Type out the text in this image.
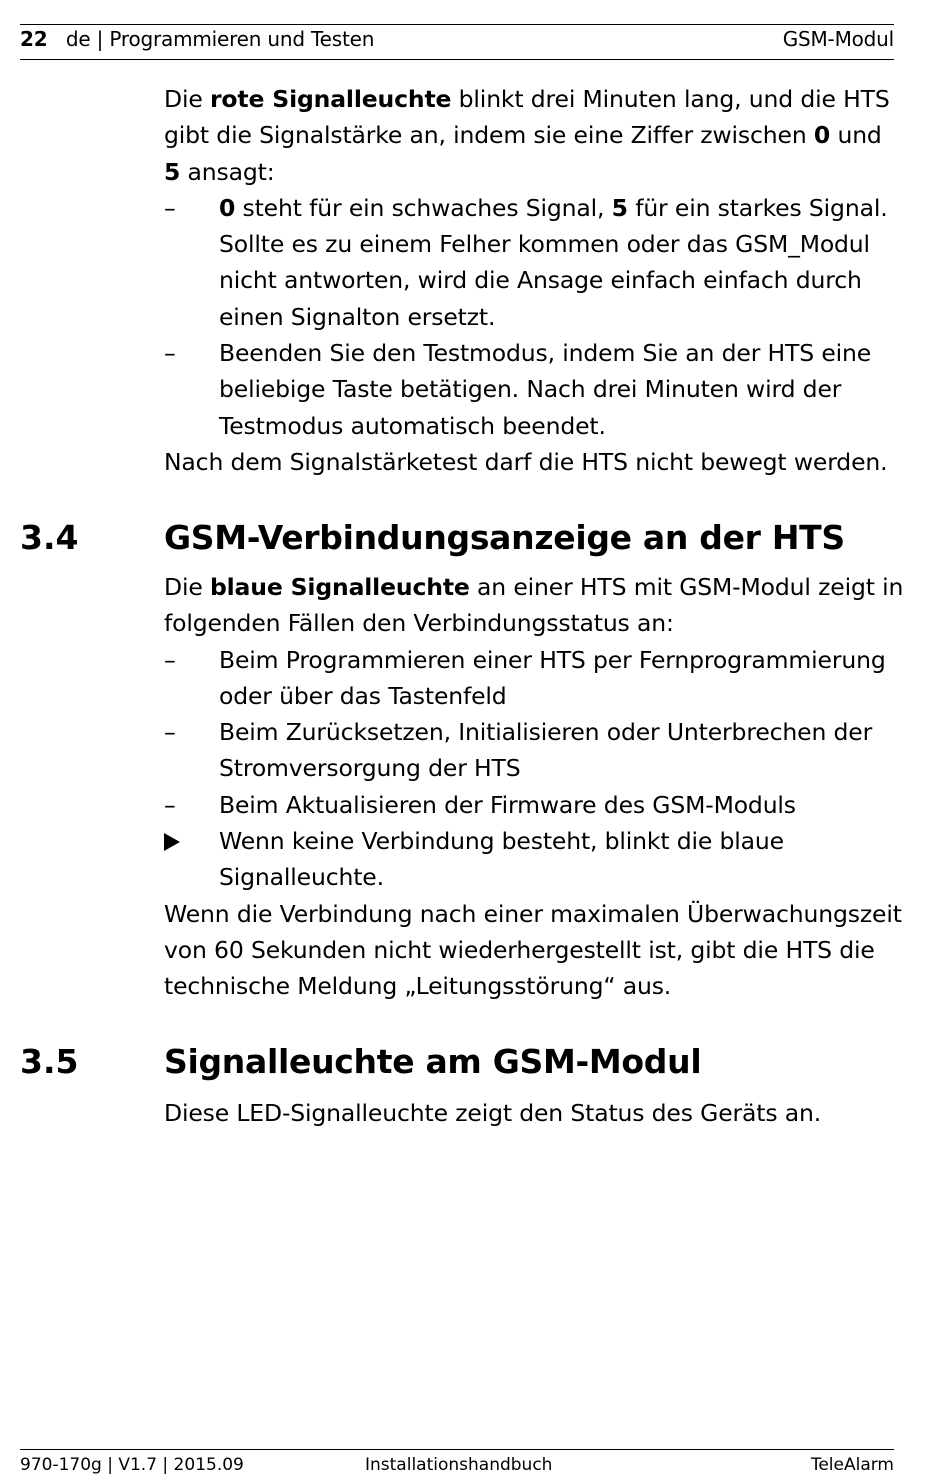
22 de | Programmieren und Testen	GSM-Modul

Die rote Signalleuchte blinkt drei Minuten lang, und die HTS gibt die Signalstärke an, indem sie eine Ziffer zwischen 0 und 5 ansagt:

– 0 steht für ein schwaches Signal, 5 für ein starkes Signal. Sollte es zu einem Felher kommen oder das GSM_Modul nicht antworten, wird die Ansage einfach einfach durch einen Signalton ersetzt.
– Beenden Sie den Testmodus, indem Sie an der HTS eine beliebige Taste betätigen. Nach drei Minuten wird der Testmodus automatisch beendet.

Nach dem Signalstärketest darf die HTS nicht bewegt werden.

3.4	GSM-Verbindungsanzeige an der HTS

Die blaue Signalleuchte an einer HTS mit GSM-Modul zeigt in folgenden Fällen den Verbindungsstatus an:

– Beim Programmieren einer HTS per Fernprogrammierung oder über das Tastenfeld
– Beim Zurücksetzen, Initialisieren oder Unterbrechen der Stromversorgung der HTS
– Beim Aktualisieren der Firmware des GSM-Moduls
Wenn keine Verbindung besteht, blinkt die blaue Signalleuchte.

Wenn die Verbindung nach einer maximalen Überwachungszeit von 60 Sekunden nicht wiederhergestellt ist, gibt die HTS die technische Meldung „Leitungsstörung“ aus.

3.5	Signalleuchte am GSM-Modul

Diese LED-Signalleuchte zeigt den Status des Geräts an.

970-170g | V1.7 | 2015.09	Installationshandbuch	TeleAlarm
